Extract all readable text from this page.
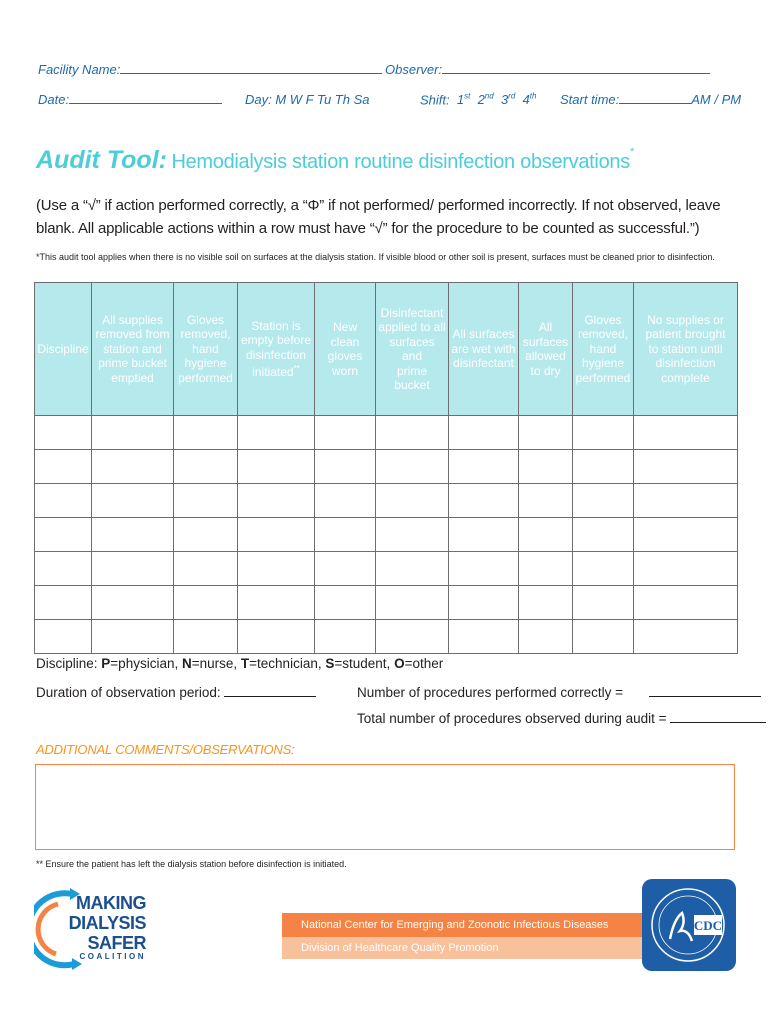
Facility Name:	Observer:
Date:	Day: M W F Tu Th Sa	Shift: 1st 2nd 3rd 4th Start time:	AM / PM
Audit Tool: Hemodialysis station routine disinfection observations*
(Use a “√” if action performed correctly, a “Φ” if not performed/ performed incorrectly. If not observed, leave blank. All applicable actions within a row must have “√” for the procedure to be counted as successful.”)
*This audit tool applies when there is no visible soil on surfaces at the dialysis station. If visible blood or other soil is present, surfaces must be cleaned prior to disinfection.
Discipline	All supplies
removed from
station and
prime bucket
emptied	Gloves
removed,
hand
hygiene
performed	Station is
empty before
disinfection
initiated**	New clean
gloves
worn	Disinfectant
applied to all
surfaces and
prime bucket	All surfaces
are wet with
disinfectant	All
surfaces
allowed
to dry	Gloves
removed,
hand
hygiene
performed	No supplies or
patient brought
to station until
disinfection
complete

Discipline: P=physician, N=nurse, T=technician, S=student, O=other
Duration of observation period:	Number of procedures performed correctly =
Total number of procedures observed during audit =
ADDITIONAL COMMENTS/OBSERVATIONS:
** Ensure the patient has left the dialysis station before disinfection is initiated.
MAKING
DIALYSIS
SAFER
COALITION
National Center for Emerging and Zoonotic Infectious Diseases
Division of Healthcare Quality Promotion
CDC
